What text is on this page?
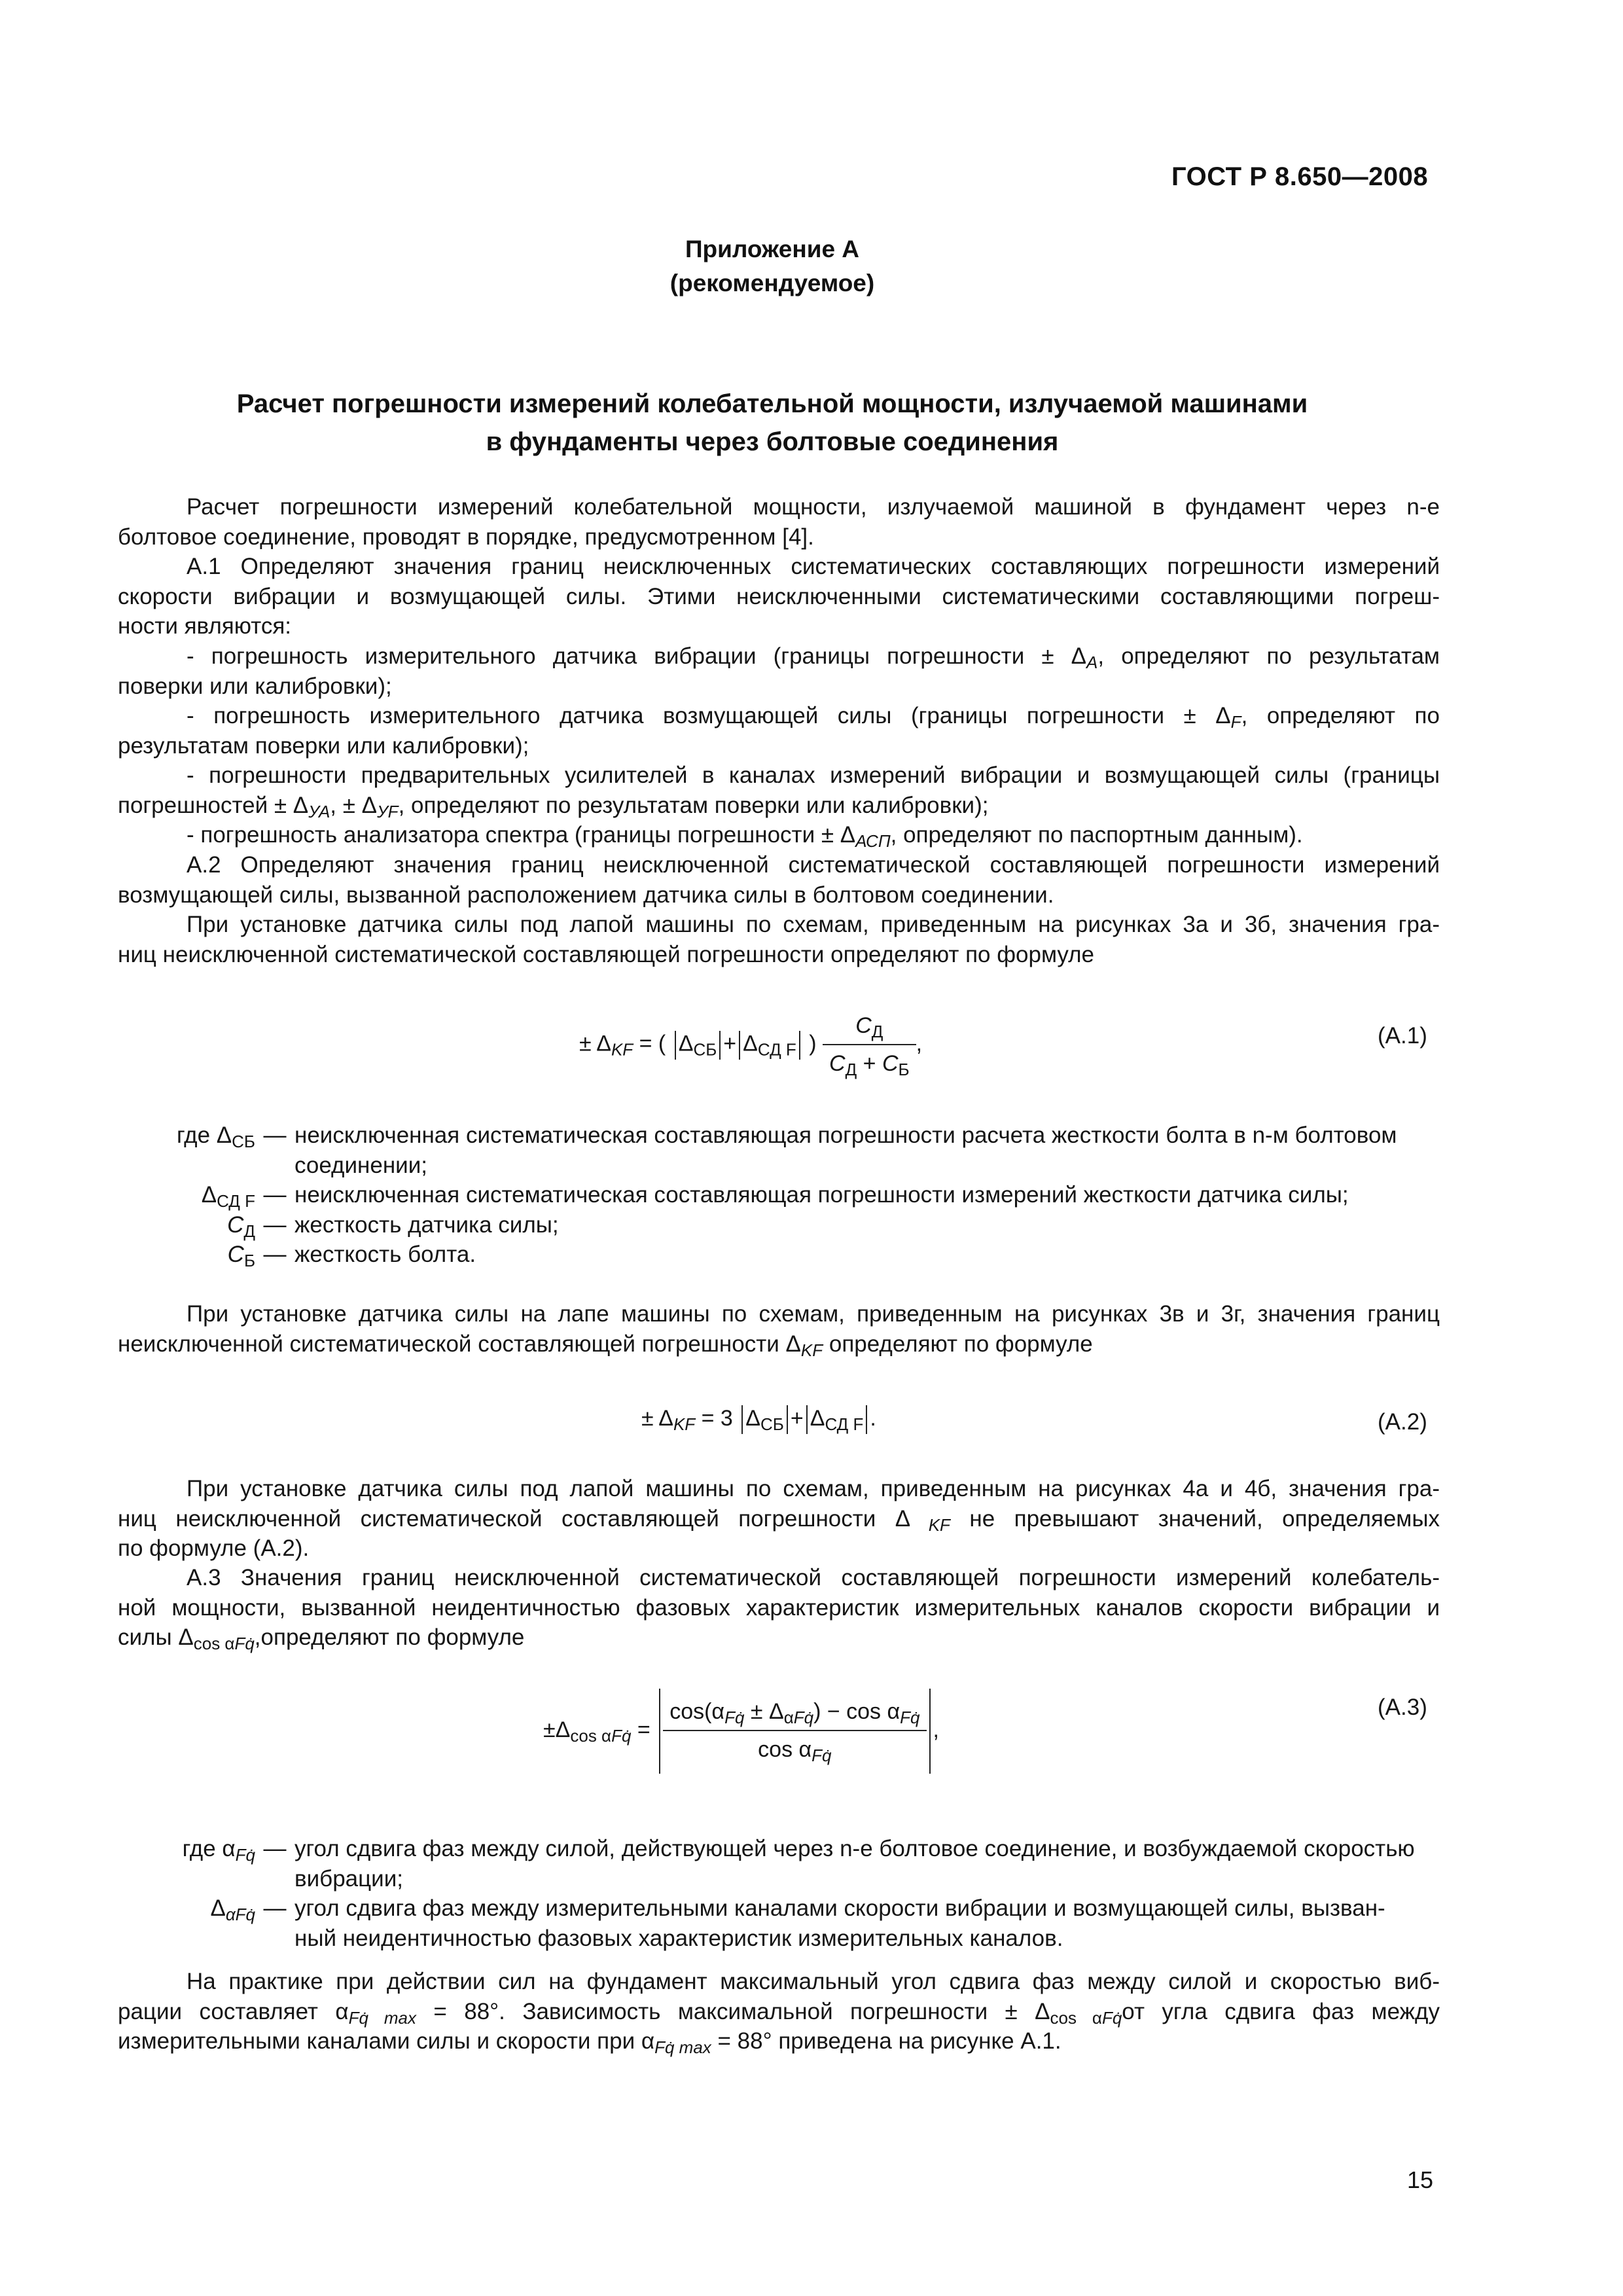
ГОСТ Р 8.650—2008
Приложение А
(рекомендуемое)
Расчет погрешности измерений колебательной мощности, излучаемой машинами
в фундаменты через болтовые соединения
Расчет погрешности измерений колебательной мощности, излучаемой машиной в фундамент через n-е
болтовое соединение, проводят в порядке, предусмотренном [4].
А.1 Определяют значения границ неисключенных систематических составляющих погрешности измерений
скорости вибрации и возмущающей силы. Этими неисключенными систематическими составляющими погреш-
ности являются:
- погрешность измерительного датчика вибрации (границы погрешности ± $\Delta_A$, определяют по результатам
поверки или калибровки);
- погрешность измерительного датчика возмущающей силы (границы погрешности ± $\Delta_F$, определяют по
результатам поверки или калибровки);
- погрешности предварительных усилителей в каналах измерений вибрации и возмущающей силы (границы
погрешностей ± $\Delta_{УА}$, ± $\Delta_{УF}$, определяют по результатам поверки или калибровки);
- погрешность анализатора спектра (границы погрешности ± $\Delta_{АСП}$, определяют по паспортным данным).
А.2 Определяют значения границ неисключенной систематической составляющей погрешности измерений
возмущающей силы, вызванной расположением датчика силы в болтовом соединении.
При установке датчика силы под лапой машины по схемам, приведенным на рисунках 3а и 3б, значения гра-
ниц неисключенной систематической составляющей погрешности определяют по формуле
± $\Delta_{KF}$ = ( $\Delta_{СБ} + \Delta_{СД F}$ ) $\frac{C_Д}{C_Д + C_Б}$ ,	(А.1)
где $\Delta_{СБ}$ — неисключенная систематическая составляющая погрешности расчета жесткости болта в n-м болтовом
соединении;
$\Delta_{СД F}$ — неисключенная систематическая составляющая погрешности измерений жесткости датчика силы;
$C_Д$ — жесткость датчика силы;
$C_Б$ — жесткость болта.
При установке датчика силы на лапе машины по схемам, приведенным на рисунках 3в и 3г, значения границ
неисключенной систематической составляющей погрешности $\Delta_{KF}$ определяют по формуле
± $\Delta_{KF} = 3$ $\Delta_{СБ} + \Delta_{СД F}$ .	(А.2)
При установке датчика силы под лапой машины по схемам, приведенным на рисунках 4а и 4б, значения гра-
ниц неисключенной систематической составляющей погрешности Δ $_{KF}$ не превышают значений, определяемых
по формуле (А.2).
А.3 Значения границ неисключенной систематической составляющей погрешности измерений колебатель-
ной мощности, вызванной неидентичностью фазовых характеристик измерительных каналов скорости вибрации и
силы $\Delta_{cos \alpha Fq̇},определяют$ по формуле
$\pm\Delta_{cos \alpha Fq̇} = \frac{\cos(\alpha_{Fq̇} \pm \Delta_{\alpha Fq̇}) - \cos \alpha_{Fq̇}}{\cos \alpha_{Fq̇}}$ ,
(А.3)
где $\alpha_{Fq̇}$ — угол сдвига фаз между силой, действующей через n-е болтовое соединение, и возбуждаемой скоростью
вибрации;
$\Delta_{\alpha Fq̇}$ — угол сдвига фаз между измерительными каналами скорости вибрации и возмущающей силы, вызван-
ный неидентичностью фазовых характеристик измерительных каналов.
На практике при действии сил на фундамент максимальный угол сдвига фаз между силой и скоростью виб-
рации составляет $\alpha_{Fq̇ max} = 88^\circ$. Зависимость максимальной погрешности ± $\Delta_{cos \alpha Fq̇}от$ угла сдвига фаз между
измерительными каналами силы и скорости при $\alpha_{Fq̇ max} = 88^\circ$ приведена на рисунке А.1.
15
